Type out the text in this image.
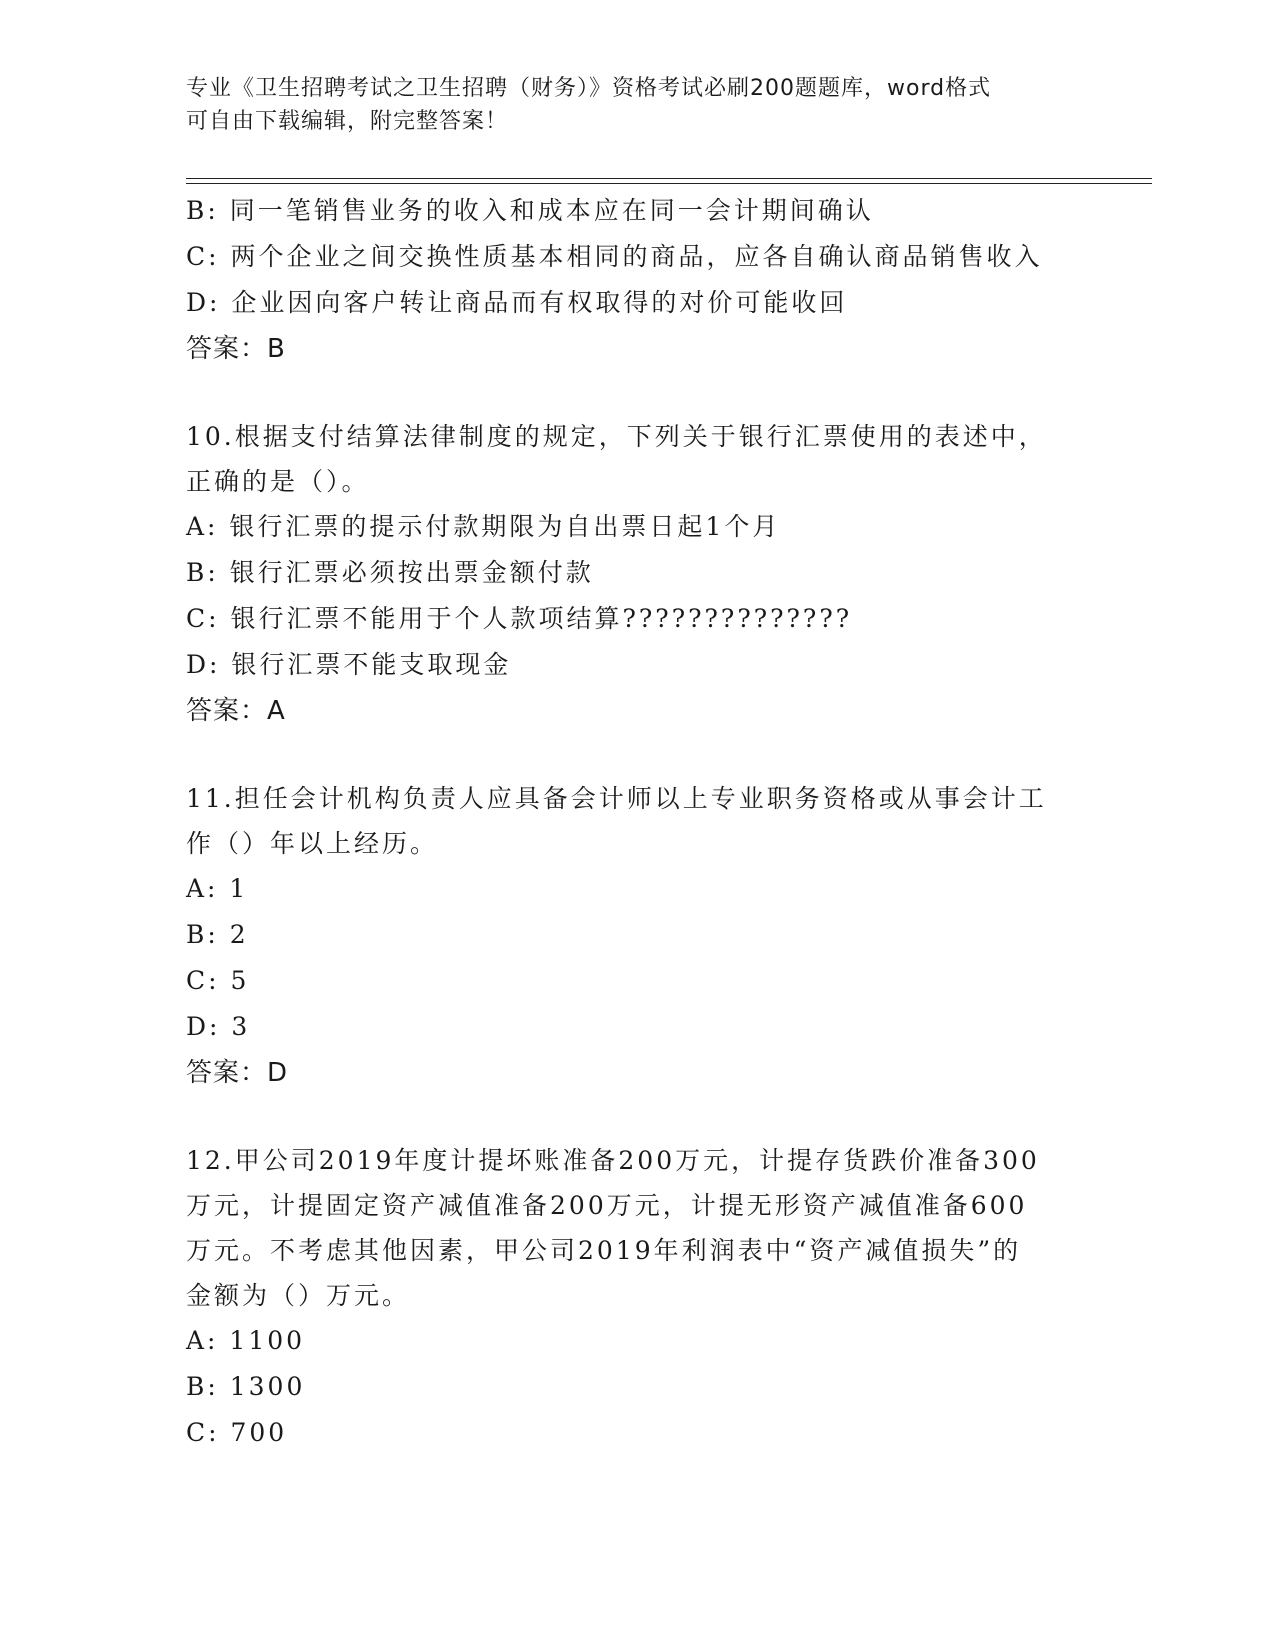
专业《卫生招聘考试之卫生招聘（财务）》资格考试必刷200题题库，word格式
可自由下载编辑，附完整答案！
B: 同一笔销售业务的收入和成本应在同一会计期间确认
C: 两个企业之间交换性质基本相同的商品，应各自确认商品销售收入
D: 企业因向客户转让商品而有权取得的对价可能收回
答案：B
10.根据支付结算法律制度的规定，下列关于银行汇票使用的表述中，
正确的是（）。
A: 银行汇票的提示付款期限为自出票日起1个月
B: 银行汇票必须按出票金额付款
C: 银行汇票不能用于个人款项结算??????????????
D: 银行汇票不能支取现金
答案：A
11.担任会计机构负责人应具备会计师以上专业职务资格或从事会计工
作（）年以上经历。
A: 1
B: 2
C: 5
D: 3
答案：D
12.甲公司2019年度计提坏账准备200万元，计提存货跌价准备300
万元，计提固定资产减值准备200万元，计提无形资产减值准备600
万元。不考虑其他因素，甲公司2019年利润表中“资产减值损失”的
金额为（）万元。
A: 1100
B: 1300
C: 700
